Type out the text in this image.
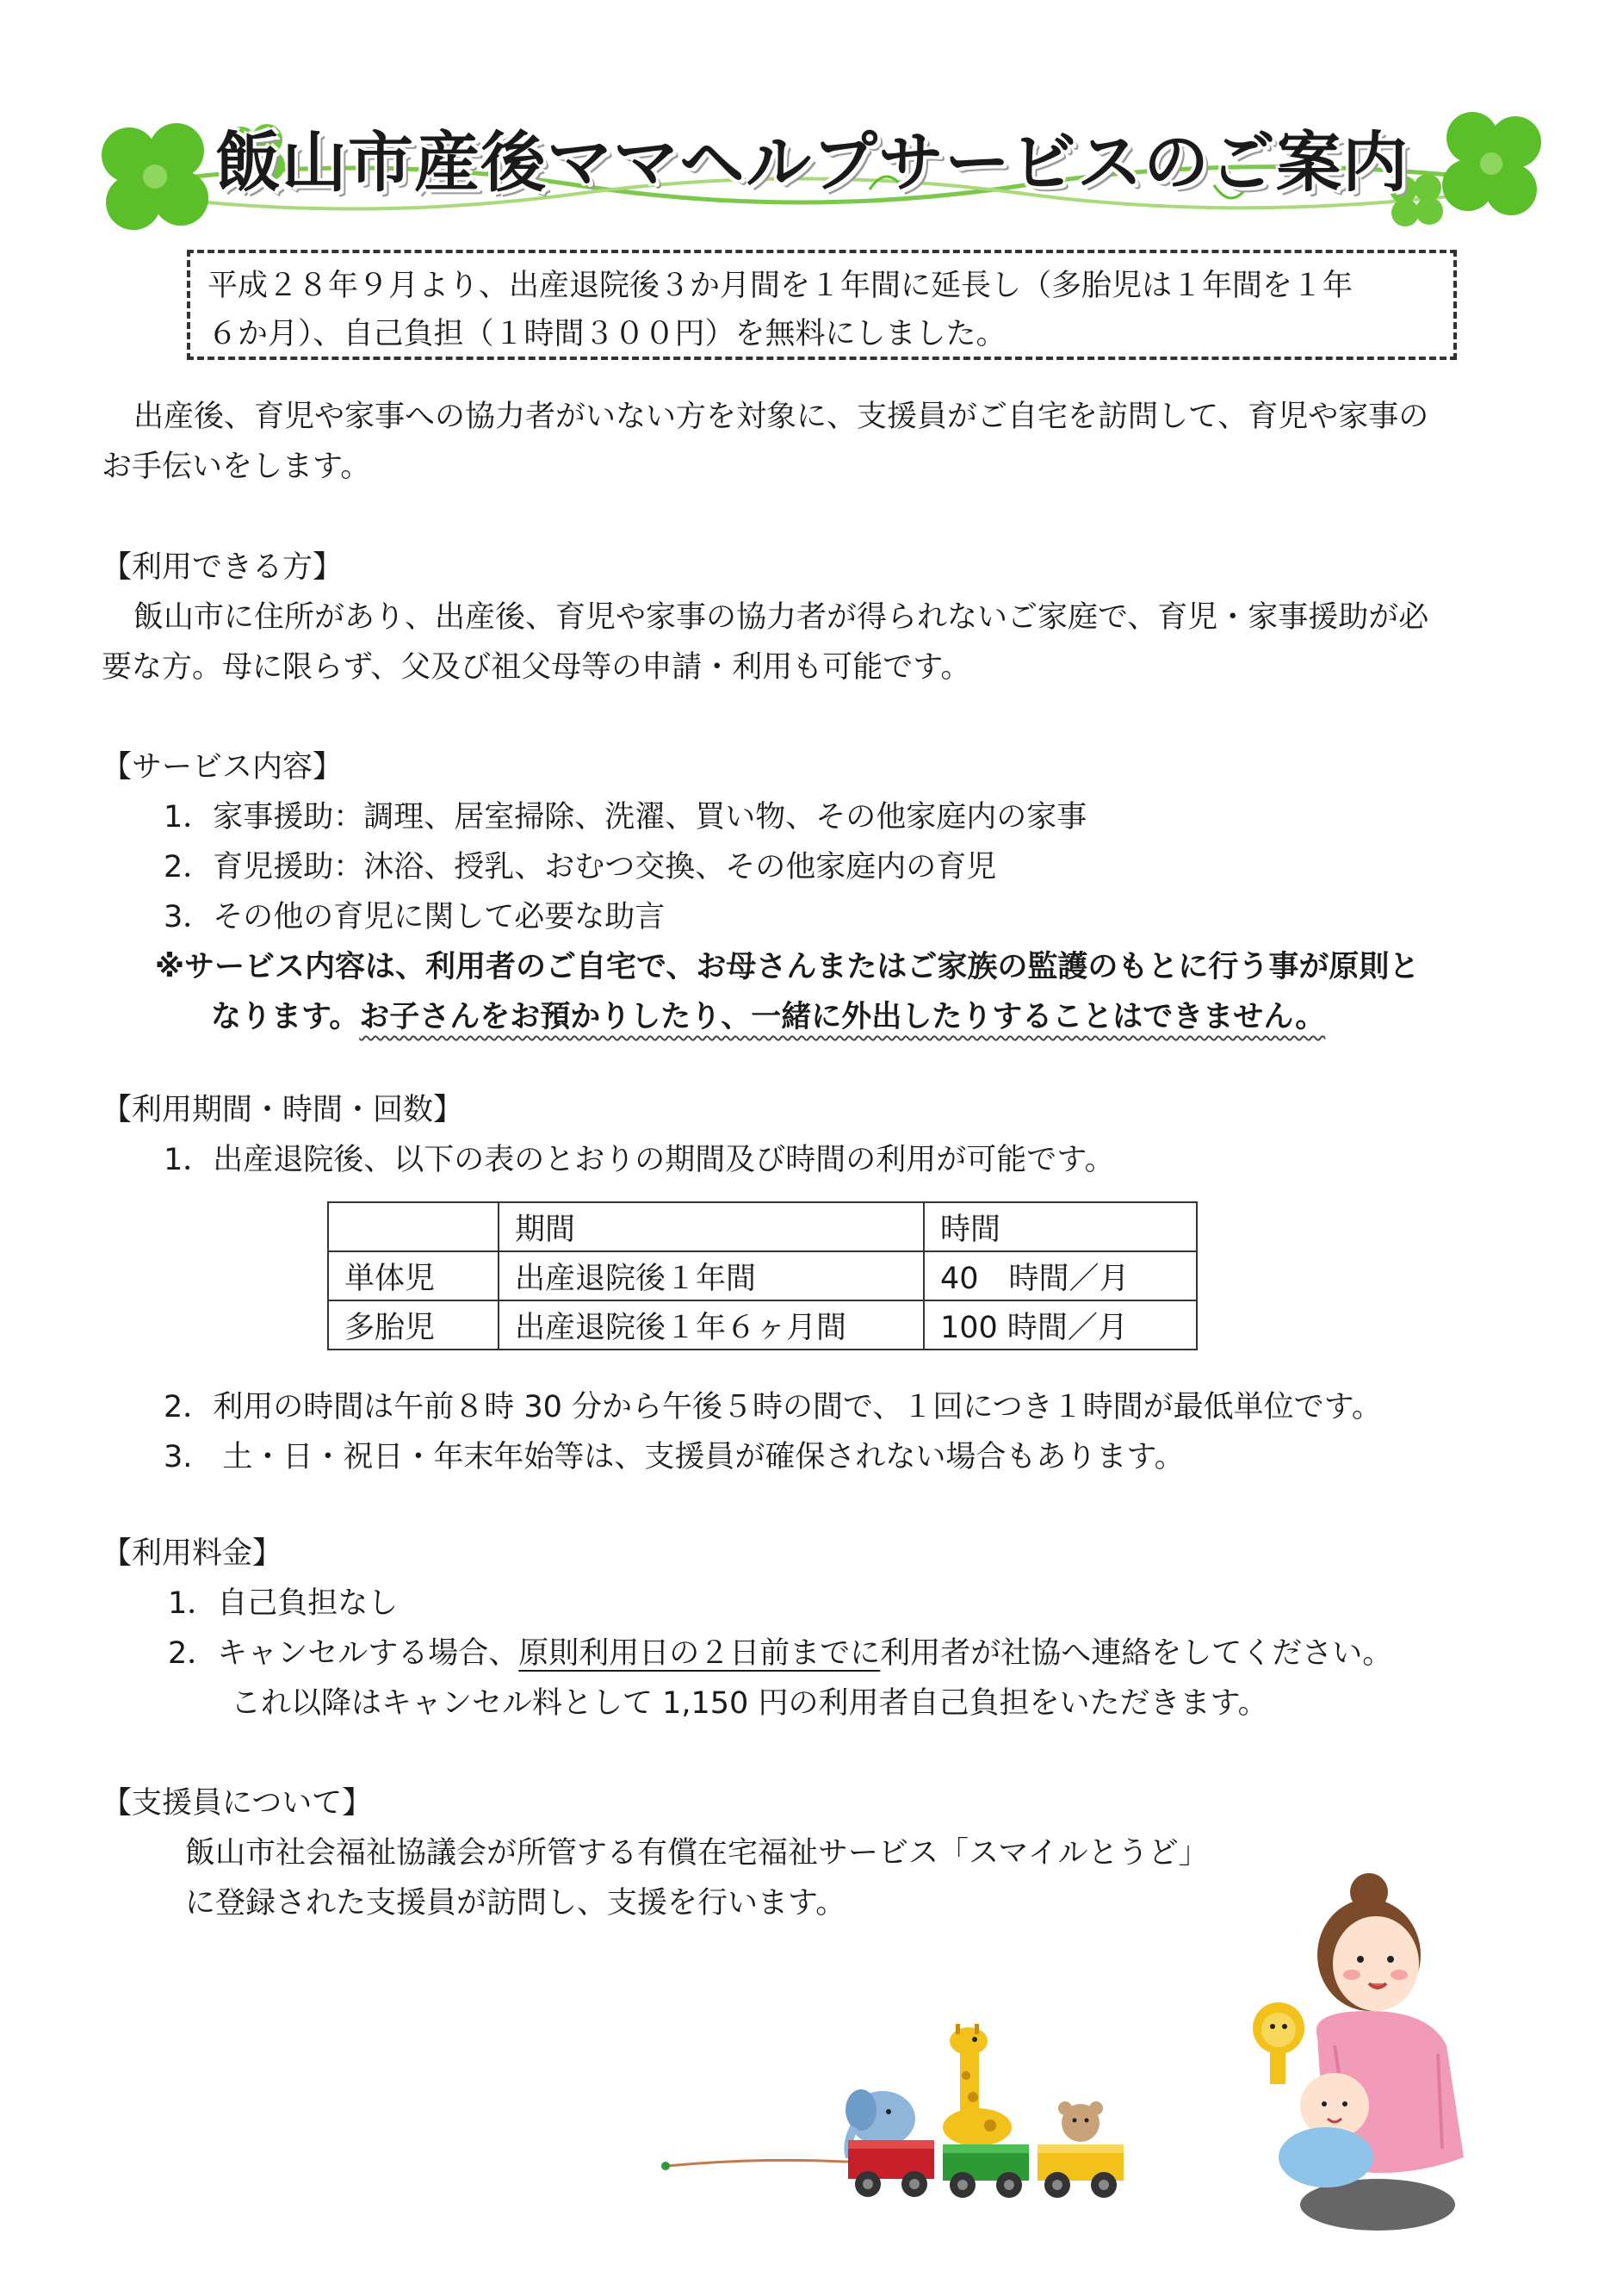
飯山市産後ママヘルプサービスのご案内
平成２８年９月より、出産退院後３か月間を１年間に延長し（多胎児は１年間を１年
６か月）、自己負担（１時間３００円）を無料にしました。
出産後、育児や家事への協力者がいない方を対象に、支援員がご自宅を訪問して、育児や家事の
お手伝いをします。
【利用できる方】
飯山市に住所があり、出産後、育児や家事の協力者が得られないご家庭で、育児・家事援助が必
要な方。母に限らず、父及び祖父母等の申請・利用も可能です。
【サービス内容】
1．家事援助：調理、居室掃除、洗濯、買い物、その他家庭内の家事
2．育児援助：沐浴、授乳、おむつ交換、その他家庭内の育児
3．その他の育児に関して必要な助言
※サービス内容は、利用者のご自宅で、お母さんまたはご家族の監護のもとに行う事が原則と
なります。お子さんをお預かりしたり、一緒に外出したりすることはできません。
【利用期間・時間・回数】
1．出産退院後、以下の表のとおりの期間及び時間の利用が可能です。
	期間	時間
単体児	出産退院後１年間	40　時間／月
多胎児	出産退院後１年６ヶ月間	100 時間／月
2．利用の時間は午前８時 30 分から午後５時の間で、１回につき１時間が最低単位です。
3.　土・日・祝日・年末年始等は、支援員が確保されない場合もあります。
【利用料金】
1．自己負担なし
2．キャンセルする場合、原則利用日の２日前までに利用者が社協へ連絡をしてください。
これ以降はキャンセル料として 1,150 円の利用者自己負担をいただきます。
【支援員について】
飯山市社会福祉協議会が所管する有償在宅福祉サービス「スマイルとうど」
に登録された支援員が訪問し、支援を行います。
